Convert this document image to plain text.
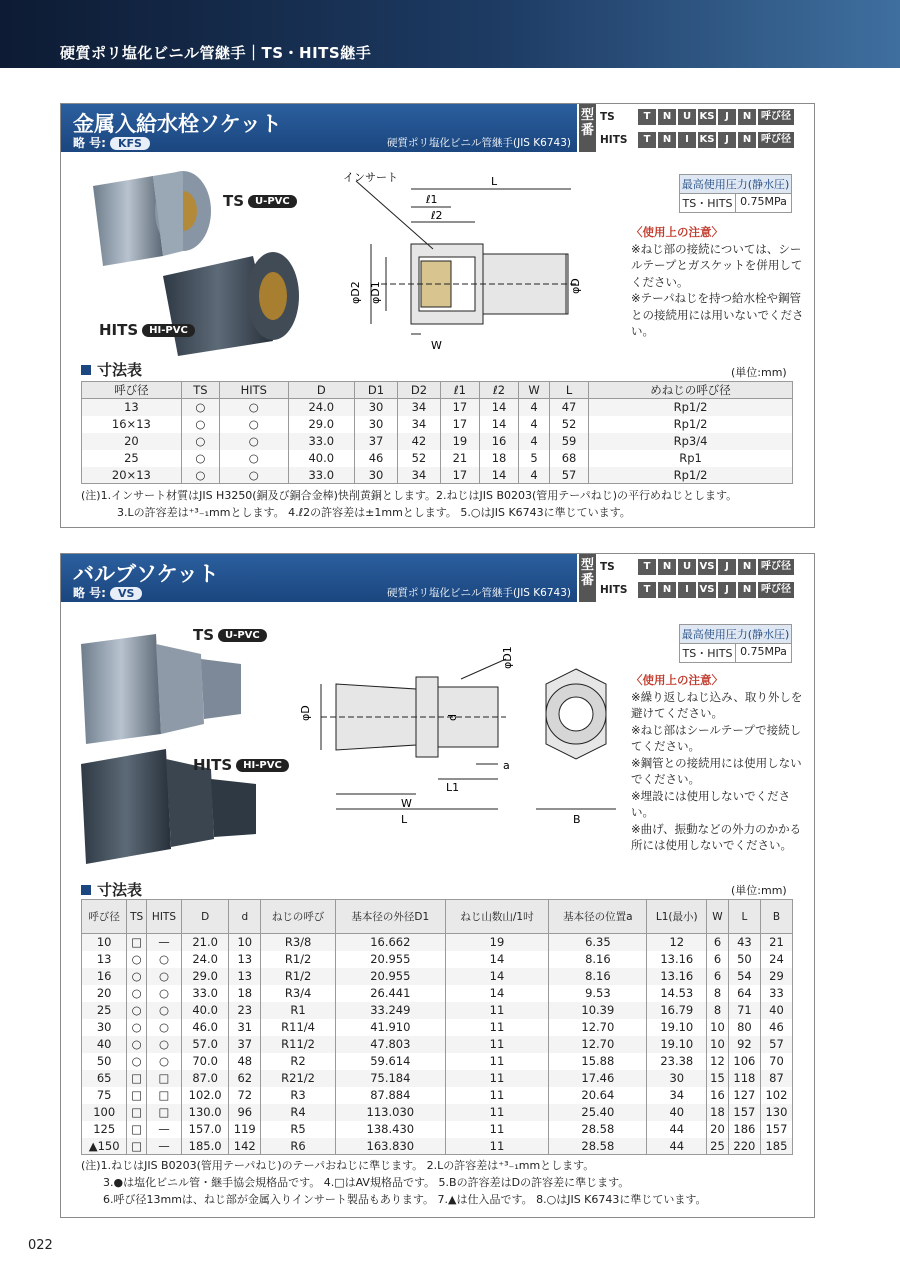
硬質ポリ塩化ビニル管継手｜TS・HITS継手
金属入給水栓ソケット
略 号: KFS	硬質ポリ塩化ビニル管継手(JIS K6743)
型番
TS	T	N	U KS	J	N 呼び径
HITS	T	N	I	KS	J	N 呼び径
TS U-PVC
HITS HI-PVC
インサート	L
ℓ1
ℓ2
φD2 φD1	φD
W
最高使用圧力(静水圧)
TS・HITS 0.75MPa
〈使用上の注意〉
※ねじ部の接続については、シールテープとガスケットを併用してください。
※テーパねじを持つ給水栓や鋼管との接続用には用いないでください。
寸法表	(単位:mm)
呼び径	TS	HITS	D	D1	D2	ℓ1	ℓ2	W	L	めねじの呼び径
13	○	○	24.0	30	34	17	14	4	47	Rp1/2
16×13	○	○	29.0	30	34	17	14	4	52	Rp1/2
20	○	○	33.0	37	42	19	16	4	59	Rp3/4
25	○	○	40.0	46	52	21	18	5	68	Rp1
20×13	○	○	33.0	30	34	17	14	4	57	Rp1/2
(注)1.インサート材質はJIS H3250(銅及び銅合金棒)快削黄銅とします。2.ねじはJIS B0203(管用テーパねじ)の平行めねじとします。
3.Lの許容差は⁺³₋₁mmとします。 4.ℓ2の許容差は±1mmとします。 5.○はJIS K6743に準じています。
バルブソケット
略 号: VS	硬質ポリ塩化ビニル管継手(JIS K6743)
型番
TS	T	N	U VS	J	N 呼び径
HITS	T	N	I	VS	J	N 呼び径
TS U-PVC
HITS HI-PVC
φD	d
φD1
a
L1
W
L	B
最高使用圧力(静水圧)
TS・HITS 0.75MPa
〈使用上の注意〉
※繰り返しねじ込み、取り外しを避けてください。
※ねじ部はシールテープで接続してください。
※鋼管との接続用には使用しないでください。
※埋設には使用しないでください。
※曲げ、振動などの外力のかかる所には使用しないでください。
寸法表	(単位:mm)
呼び径	TS	HITS	D	d	ねじの呼び	基本径の外径D1	ねじ山数山/1吋	基本径の位置a	L1(最小)	W	L	B
10	□	—	21.0	10	R3/8	16.662	19	6.35	12	6	43	21
13	○	○	24.0	13	R1/2	20.955	14	8.16	13.16	6	50	24
16	○	○	29.0	13	R1/2	20.955	14	8.16	13.16	6	54	29
20	○	○	33.0	18	R3/4	26.441	14	9.53	14.53	8	64	33
25	○	○	40.0	23	R1	33.249	11	10.39	16.79	8	71	40
30	○	○	46.0	31	R11/4	41.910	11	12.70	19.10	10	80	46
40	○	○	57.0	37	R11/2	47.803	11	12.70	19.10	10	92	57
50	○	○	70.0	48	R2	59.614	11	15.88	23.38	12	106	70
65	□	□	87.0	62	R21/2	75.184	11	17.46	30	15	118	87
75	□	□	102.0	72	R3	87.884	11	20.64	34	16	127	102
100	□	□	130.0	96	R4	113.030	11	25.40	40	18	157	130
125	□	—	157.0	119	R5	138.430	11	28.58	44	20	186	157
▲150	□	—	185.0	142	R6	163.830	11	28.58	44	25	220	185
(注)1.ねじはJIS B0203(管用テーパねじ)のテーパおねじに準じます。 2.Lの許容差は⁺³₋₁mmとします。
3.●は塩化ビニル管・継手協会規格品です。 4.□はAV規格品です。 5.Bの許容差はDの許容差に準じます。
6.呼び径13mmは、ねじ部が金属入りインサート製品もあります。 7.▲は仕入品です。 8.○はJIS K6743に準じています。
022
